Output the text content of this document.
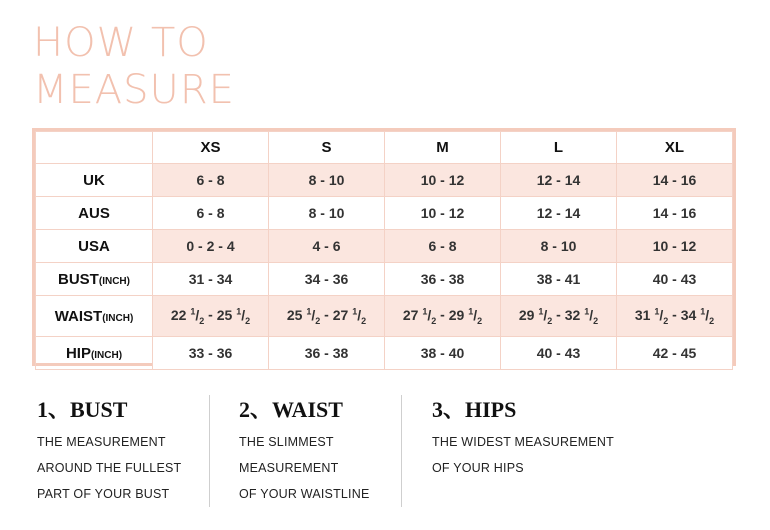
HOW TO
MEASURE
	XS	S	M	L	XL
UK	6 - 8	8 - 10	10 - 12	12 - 14	14 - 16
AUS	6 - 8	8 - 10	10 - 12	12 - 14	14 - 16
USA	0 - 2 - 4	4 - 6	6 - 8	8 - 10	10 - 12
BUST(INCH)	31 - 34	34 - 36	36 - 38	38 - 41	40 - 43
WAIST(INCH)	22 $^1/_2 - 25$ $^1/_2$	25 $^1/_2 - 27$ $^1/_2$	27 $^1/_2 - 29$ $^1/_2$	29 $^1/_2 - 32$ $^1/_2$	31 $^1/_2 - 34$ $^1/_2$
HIP(INCH)	33 - 36	36 - 38	38 - 40	40 - 43	42 - 45
1、BUST

THE MEASUREMENT

AROUND THE FULLEST

PART OF YOUR BUST

2、WAIST

THE SLIMMEST

MEASUREMENT

OF YOUR WAISTLINE

3、HIPS

THE WIDEST MEASUREMENT

OF YOUR HIPS
